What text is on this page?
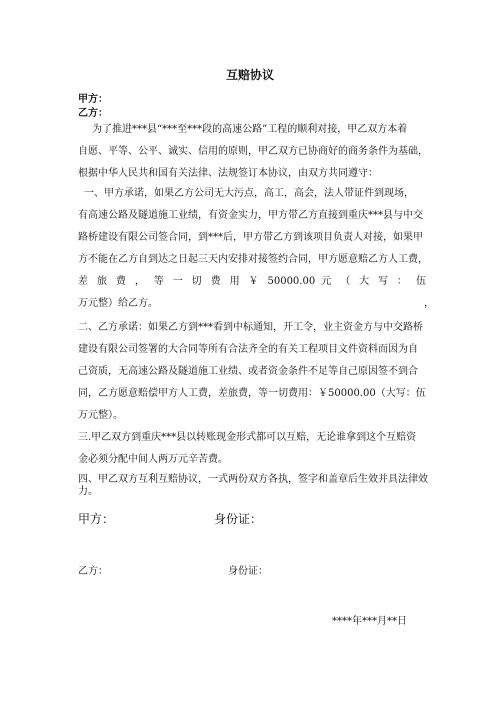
互赔协议
甲方：
乙方：
为了推进***县“***至***段的高速公路”工程的顺利对接，甲乙双方本着
自愿、平等、公平、诚实、信用的原则，甲乙双方已协商好的商务条件为基础，
根据中华人民共和国有关法律、法规签订本协议，由双方共同遵守：
一、甲方承诺，如果乙方公司无大污点，高工，高会，法人带证件到现场，
有高速公路及隧道施工业绩，有资金实力，甲方带乙方直接到重庆***县与中交
路桥建设有限公司签合同，到***后，甲方带乙方到该项目负责人对接，如果甲
方不能在乙方自到达之日起三天内安排对接签约合同，甲方愿意赔乙方人工费，
差 旅 费 ， 等 一 切 费 用 ￥ 50000.00 元 （ 大 写 ： 伍
万元整）给乙方。	，
二、乙方承诺：如果乙方到***看到中标通知，开工令，业主资金方与中交路桥
建设有限公司签署的大合同等所有合法齐全的有关工程项目文件资料而因为自
己资质，无高速公路及隧道施工业绩、或者资金条件不足等自己原因签不到合
同，乙方愿意赔偿甲方人工费，差旅费，等一切费用：￥50000.00（大写：伍
万元整）。
三.甲乙双方到重庆***县以转账现金形式都可以互赔，无论谁拿到这个互赔资
金必须分配中间人两万元辛苦费。
四、甲乙双方互利互赔协议，一式两份双方各执，签字和盖章后生效并具法律效
力。
甲方：	身份证：
乙方：	身份证：
****年***月**日
